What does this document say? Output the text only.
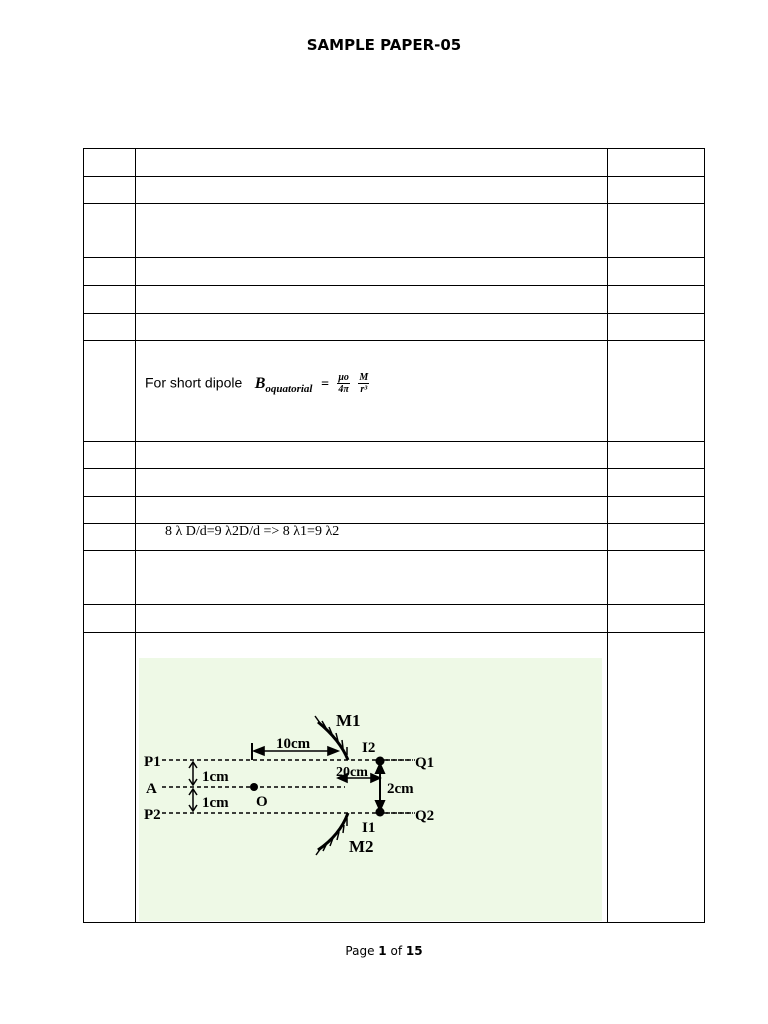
SAMPLE PAPER-05
For short dipole $B_{oquatorial} = \frac{\mu o}{4\pi}$
$\frac{M}{\text{r³}}$
8 λ D/d=9 λ2D/d => 8 λ1=9 λ2
P1
A
P2
1cm
1cm O
10cm
20cm
2cm
M1
I2
I1
M2
Q1
Q2
Page 1 of 15
